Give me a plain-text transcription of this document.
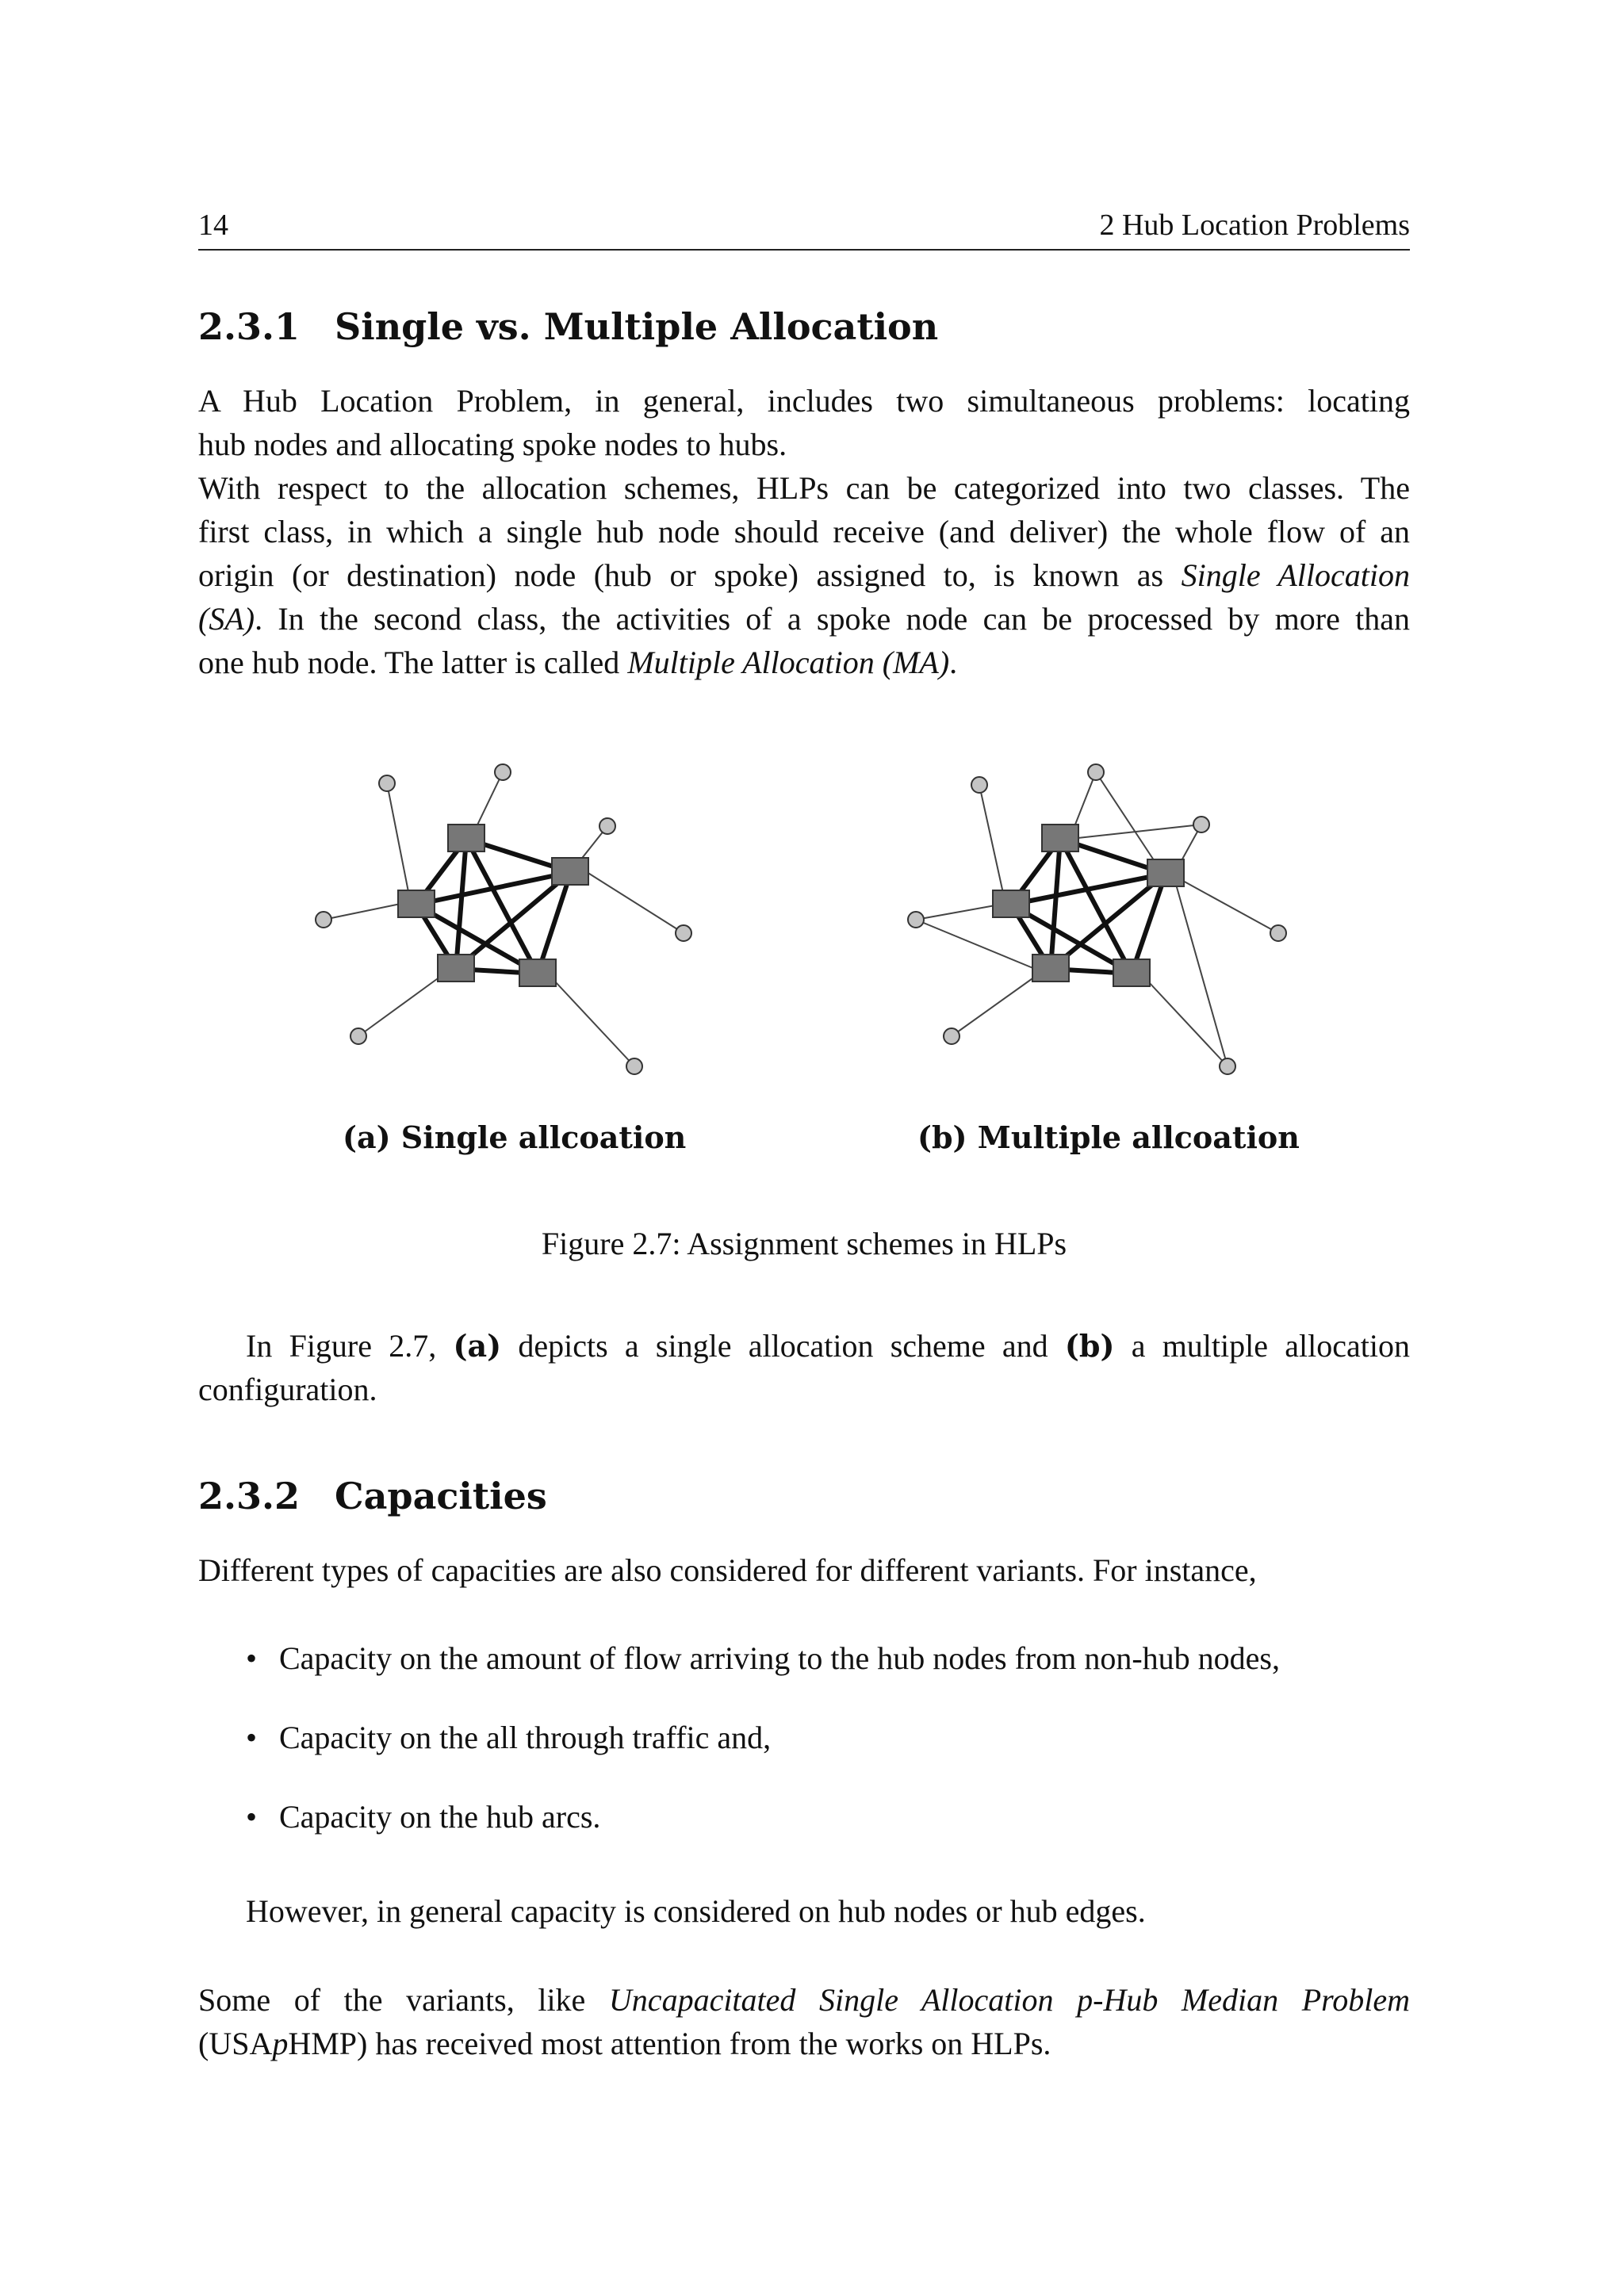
14	2 Hub Location Problems
2.3.1 Single vs. Multiple Allocation
A Hub Location Problem, in general, includes two simultaneous problems: locating
hub nodes and allocating spoke nodes to hubs.
With respect to the allocation schemes, HLPs can be categorized into two classes. The
first class, in which a single hub node should receive (and deliver) the whole flow of an
origin (or destination) node (hub or spoke) assigned to, is known as Single Allocation
(SA). In the second class, the activities of a spoke node can be processed by more than
one hub node. The latter is called Multiple Allocation (MA).
(a) Single allcoation	(b) Multiple allcoation
Figure 2.7: Assignment schemes in HLPs
In Figure 2.7, (a) depicts a single allocation scheme and (b) a multiple allocation
configuration.
2.3.2 Capacities
Different types of capacities are also considered for different variants. For instance,
• Capacity on the amount of flow arriving to the hub nodes from non-hub nodes,
• Capacity on the all through traffic and,
• Capacity on the hub arcs.
However, in general capacity is considered on hub nodes or hub edges.
Some of the variants, like Uncapacitated Single Allocation p-Hub Median Problem
(USApHMP) has received most attention from the works on HLPs.
